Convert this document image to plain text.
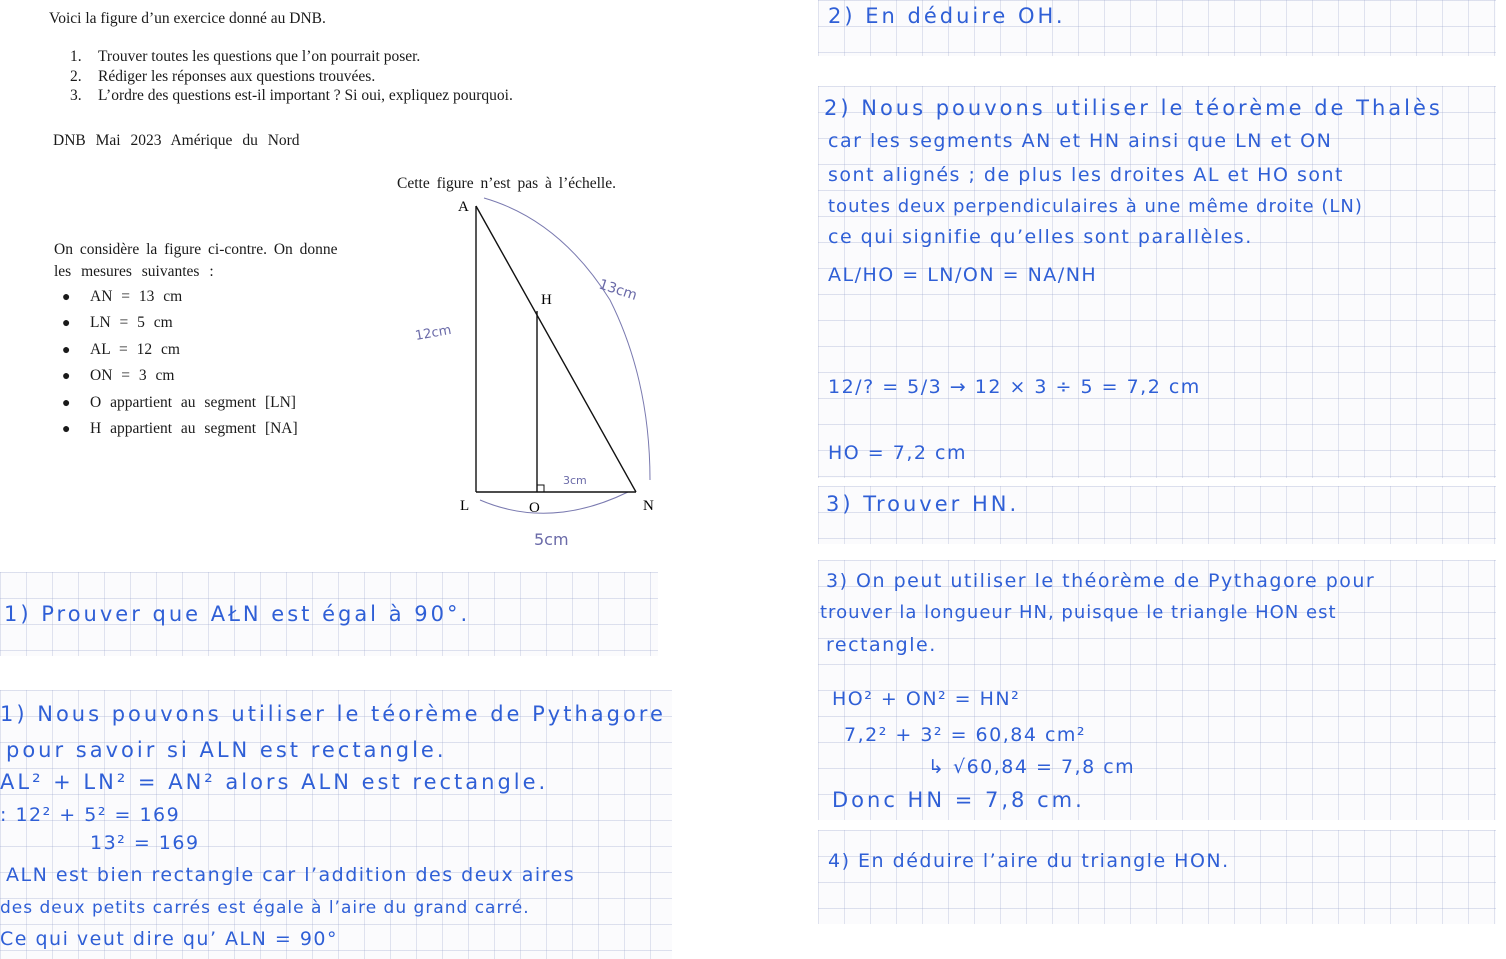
Voici la figure d’un exercice donné au DNB.
1. Trouver toutes les questions que l’on pourrait poser.
2. Rédiger les réponses aux questions trouvées.
3. L’ordre des questions est-il important ? Si oui, expliquez pourquoi.
DNB Mai 2023 Amérique du Nord
Cette figure n’est pas à l’échelle.
On considère la figure ci-contre. On donne
les mesures suivantes :
● AN = 13 cm
● LN = 5 cm
● AL = 12 cm
● ON = 3 cm
● O appartient au segment [LN]
● H appartient au segment [NA]
A
H
L	O	N
13cm
12cm
3cm
5cm
1) Prouver que AŁN est égal à 90°.
1) Nous pouvons utiliser le téorème de Pythagore
pour savoir si ALN est rectangle.
AL² + LN² = AN² alors ALN est rectangle.
: 12² + 5² = 169
13² = 169
ALN est bien rectangle car l’addition des deux aires
des deux petits carrés est égale à l’aire du grand carré.
Ce qui veut dire qu’ ALN = 90°
2) En déduire OH.
2) Nous pouvons utiliser le téorème de Thalès
car les segments AN et HN ainsi que LN et ON
sont alignés ; de plus les droites AL et HO sont
toutes deux perpendiculaires à une même droite (LN)
ce qui signifie qu’elles sont parallèles.
AL/HO = LN/ON = NA/NH
12/? = 5/3 → 12 × 3 ÷ 5 = 7,2 cm
HO = 7,2 cm
3) Trouver HN.
3) On peut utiliser le théorème de Pythagore pour
trouver la longueur HN, puisque le triangle HON est
rectangle.
HO² + ON² = HN²
7,2² + 3² = 60,84 cm²
↳ √60,84 = 7,8 cm
Donc HN = 7,8 cm.
4) En déduire l’aire du triangle HON.
